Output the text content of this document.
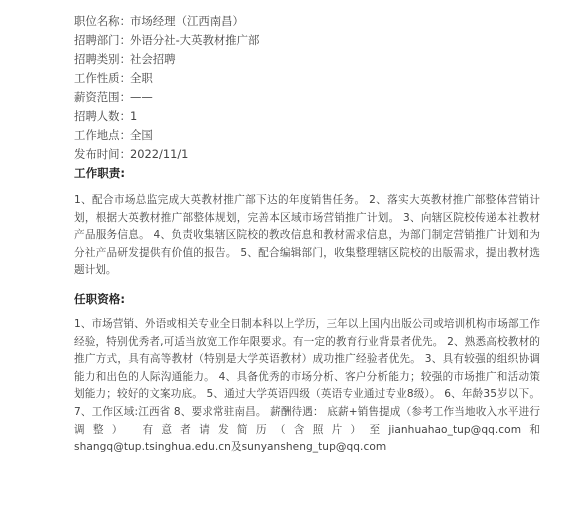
职位名称： 市场经理（江西南昌）
招聘部门： 外语分社-大英教材推广部
招聘类别： 社会招聘
工作性质： 全职
薪资范围： ——
招聘人数： 1
工作地点： 全国
发布时间： 2022/11/1
工作职责:

1、配合市场总监完成大英教材推广部下达的年度销售任务。 2、落实大英教材推广部整体营销计划，根据大英教材推广部整体规划，完善本区域市场营销推广计划。 3、向辖区院校传递本社教材产品服务信息。 4、负责收集辖区院校的教改信息和教材需求信息，为部门制定营销推广计划和为分社产品研发提供有价值的报告。 5、配合编辑部门，收集整理辖区院校的出版需求，提出教材选题计划。

任职资格:

1、市场营销、外语或相关专业全日制本科以上学历，三年以上国内出版公司或培训机构市场部工作经验，特别优秀者,可适当放宽工作年限要求。有一定的教育行业背景者优先。 2、熟悉高校教材的推广方式，具有高等教材（特别是大学英语教材）成功推广经验者优先。 3、具有较强的组织协调能力和出色的人际沟通能力。 4、具备优秀的市场分析、客户分析能力；较强的市场推广和活动策划能力；较好的文案功底。 5、通过大学英语四级（英语专业通过专业8级）。 6、年龄35岁以下。 7、工作区域:江西省 8、要求常驻南昌。 薪酬待遇： 底薪+销售提成（参考工作当地收入水平进行调整） 有意者请发简历（含照片）至jianhuahao_tup@qq.com和shangq@tup.tsinghua.edu.cn及sunyansheng_tup@qq.com
